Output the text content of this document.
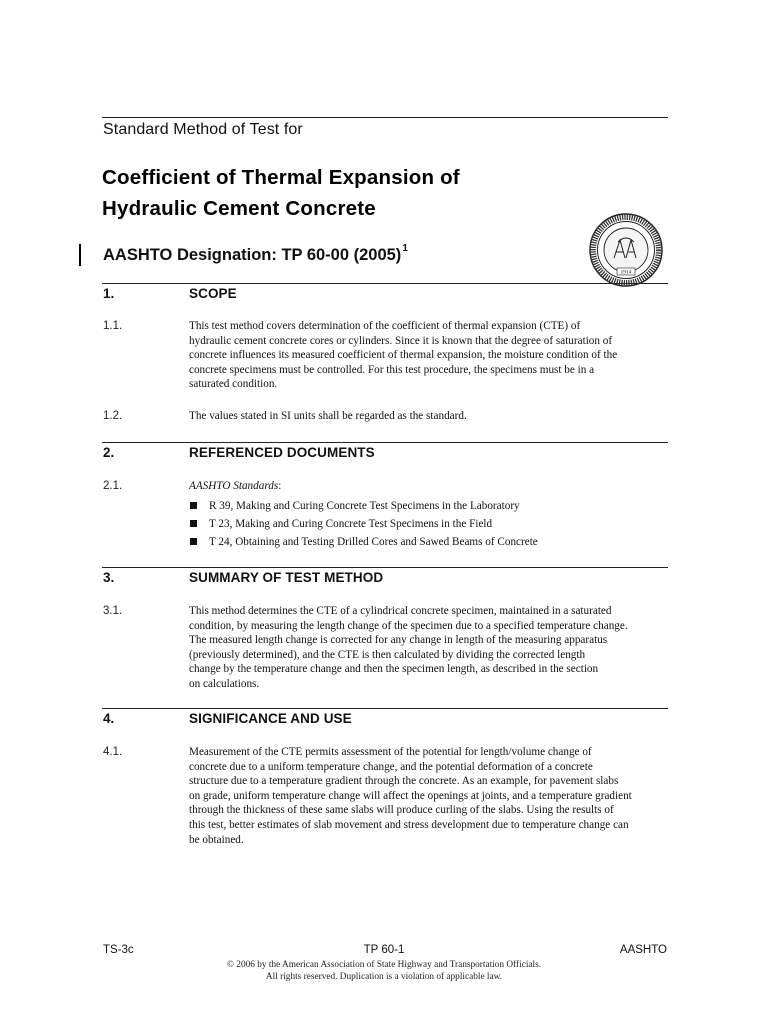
Standard Method of Test for
Coefficient of Thermal Expansion of
Hydraulic Cement Concrete
AASHTO Designation: TP 60-00 $(2005)^1$
1914
1.	SCOPE
1.1.	This test method covers determination of the coefficient of thermal expansion (CTE) of
hydraulic cement concrete cores or cylinders. Since it is known that the degree of saturation of
concrete influences its measured coefficient of thermal expansion, the moisture condition of the
concrete specimens must be controlled. For this test procedure, the specimens must be in a
saturated condition.
1.2.	The values stated in SI units shall be regarded as the standard.
2.	REFERENCED DOCUMENTS
2.1.	AASHTO Standards:
R 39, Making and Curing Concrete Test Specimens in the Laboratory
T 23, Making and Curing Concrete Test Specimens in the Field
T 24, Obtaining and Testing Drilled Cores and Sawed Beams of Concrete
3.	SUMMARY OF TEST METHOD
3.1.	This method determines the CTE of a cylindrical concrete specimen, maintained in a saturated
condition, by measuring the length change of the specimen due to a specified temperature change.
The measured length change is corrected for any change in length of the measuring apparatus
(previously determined), and the CTE is then calculated by dividing the corrected length
change by the temperature change and then the specimen length, as described in the section
on calculations.
4.	SIGNIFICANCE AND USE
4.1.	Measurement of the CTE permits assessment of the potential for length/volume change of
concrete due to a uniform temperature change, and the potential deformation of a concrete
structure due to a temperature gradient through the concrete. As an example, for pavement slabs
on grade, uniform temperature change will affect the openings at joints, and a temperature gradient
through the thickness of these same slabs will produce curling of the slabs. Using the results of
this test, better estimates of slab movement and stress development due to temperature change can
be obtained.
TS-3c	TP 60-1	AASHTO
© 2006 by the American Association of State Highway and Transportation Officials.
All rights reserved. Duplication is a violation of applicable law.
